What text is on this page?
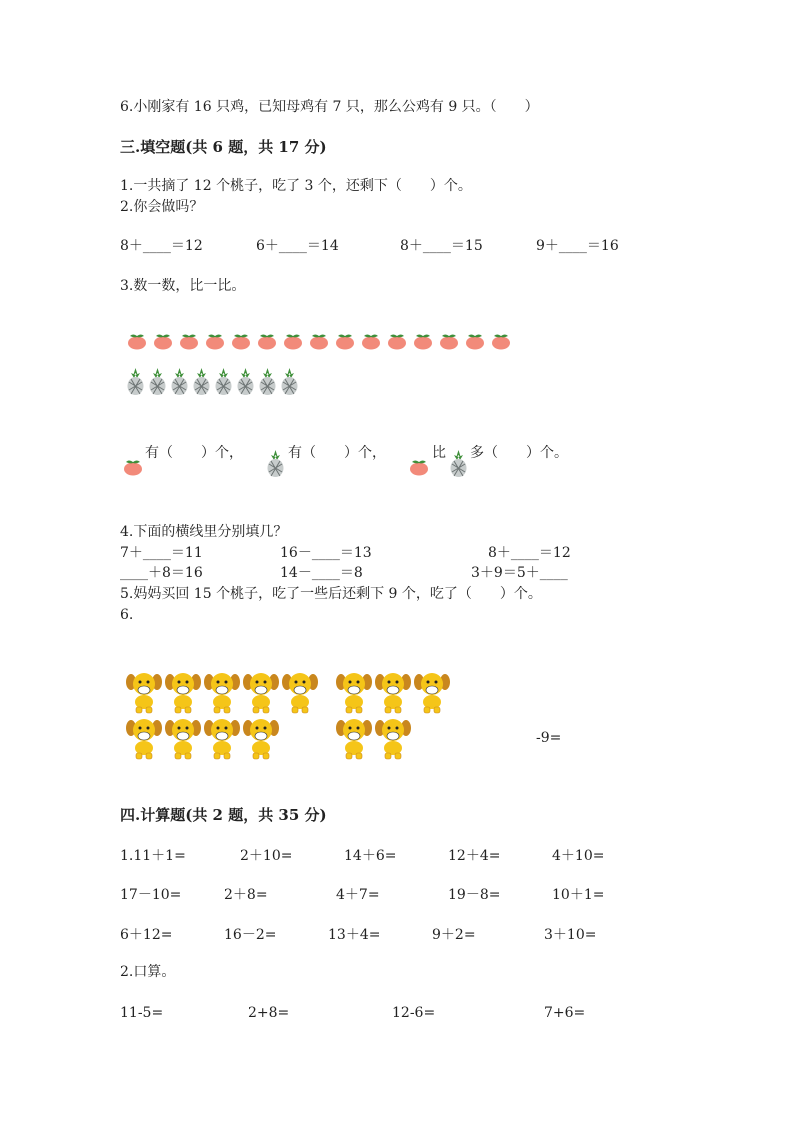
6.小刚家有 16 只鸡，已知母鸡有 7 只，那么公鸡有 9 只。（　　）
三.填空题(共 6 题，共 17 分)
1.一共摘了 12 个桃子，吃了 3 个，还剩下（　　）个。
2.你会做吗？
8＋____＝12	6＋____＝14	8＋____＝15	9＋____＝16
3.数一数，比一比。
有（　　）个，	有（　　）个，	比 多（　　）个。
4.下面的横线里分别填几？
7＋____＝11	16－____＝13	8＋____＝12
____＋8＝16	14－____＝8	3＋9＝5＋____
5.妈妈买回 15 个桃子，吃了一些后还剩下 9 个，吃了（　　）个。
6.
-9=
四.计算题(共 2 题，共 35 分)
1.11＋1=	2＋10=	14＋6=	12＋4=	4＋10=
17－10=	2＋8=	4＋7=	19－8=	10＋1=
6＋12=	16－2=	13＋4=	9＋2=	3＋10=
2.口算。
11-5=	2+8=	12-6=	7+6=
